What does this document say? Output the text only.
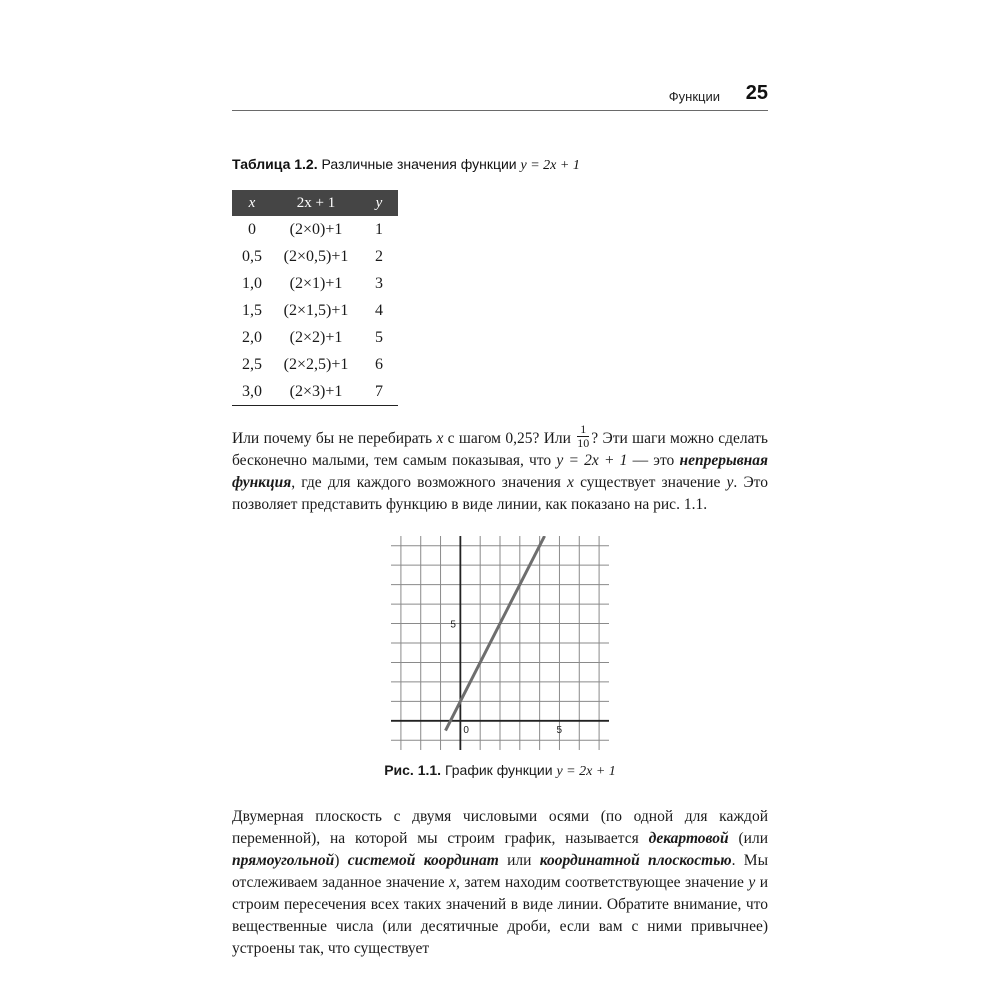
Функции 25
Таблица 1.2. Различные значения функции y = 2x + 1
x	2x + 1	y
0	(2×0)+1	1
0,5	(2×0,5)+1	2
1,0	(2×1)+1	3
1,5	(2×1,5)+1	4
2,0	(2×2)+1	5
2,5	(2×2,5)+1	6
3,0	(2×3)+1	7

Или почему бы не перебирать x с шагом 0,25? Или $\frac{1}{10}$ ? Эти шаги можно сделать бесконечно малыми, тем самым показывая, что y = 2x + 1 — это непрерывная функция, где для каждого возможного значения x существует значение y. Это позволяет представить функцию в виде линии, как показано на рис. 1.1.

0	5
5
Рис. 1.1. График функции y = 2x + 1

Двумерная плоскость с двумя числовыми осями (по одной для каждой переменной), на которой мы строим график, называется декартовой (или прямоугольной) системой координат или координатной плоскостью. Мы отслеживаем заданное значение x, затем находим соответствующее значение y и строим пересечения всех таких значений в виде линии. Обратите внимание, что вещественные числа (или десятичные дроби, если вам с ними привычнее) устроены так, что существует
